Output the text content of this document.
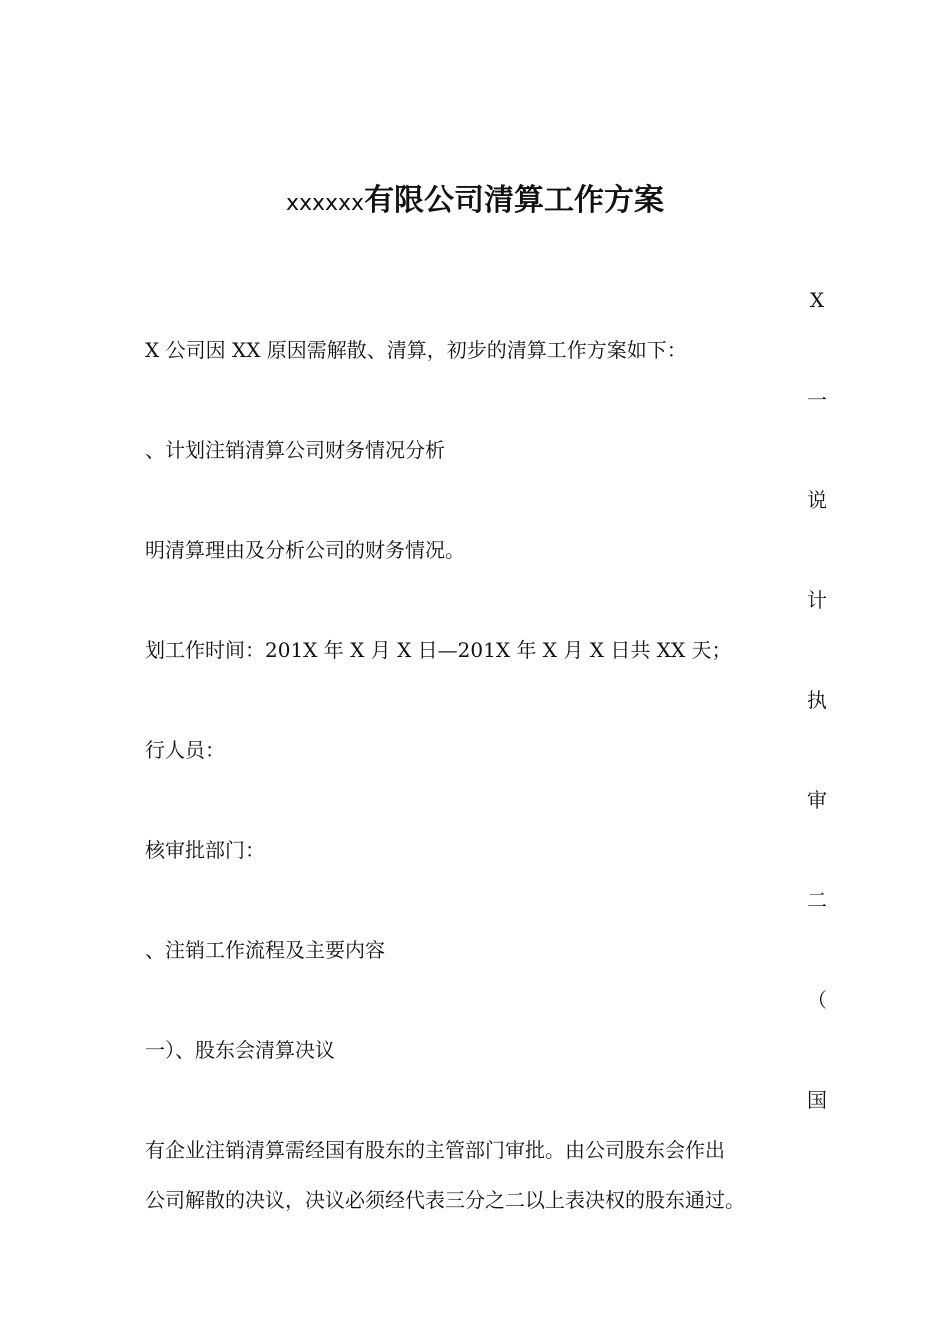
xxxxxx有限公司清算工作方案
X
X 公司因 XX 原因需解散、清算，初步的清算工作方案如下：
一
、计划注销清算公司财务情况分析
说
明清算理由及分析公司的财务情况。
计
划工作时间：201X 年 X 月 X 日—201X 年 X 月 X 日共 XX 天；
执
行人员：
审
核审批部门：
二
、注销工作流程及主要内容
（
一）、股东会清算决议
国
有企业注销清算需经国有股东的主管部门审批。由公司股东会作出
公司解散的决议，决议必须经代表三分之二以上表决权的股东通过。
